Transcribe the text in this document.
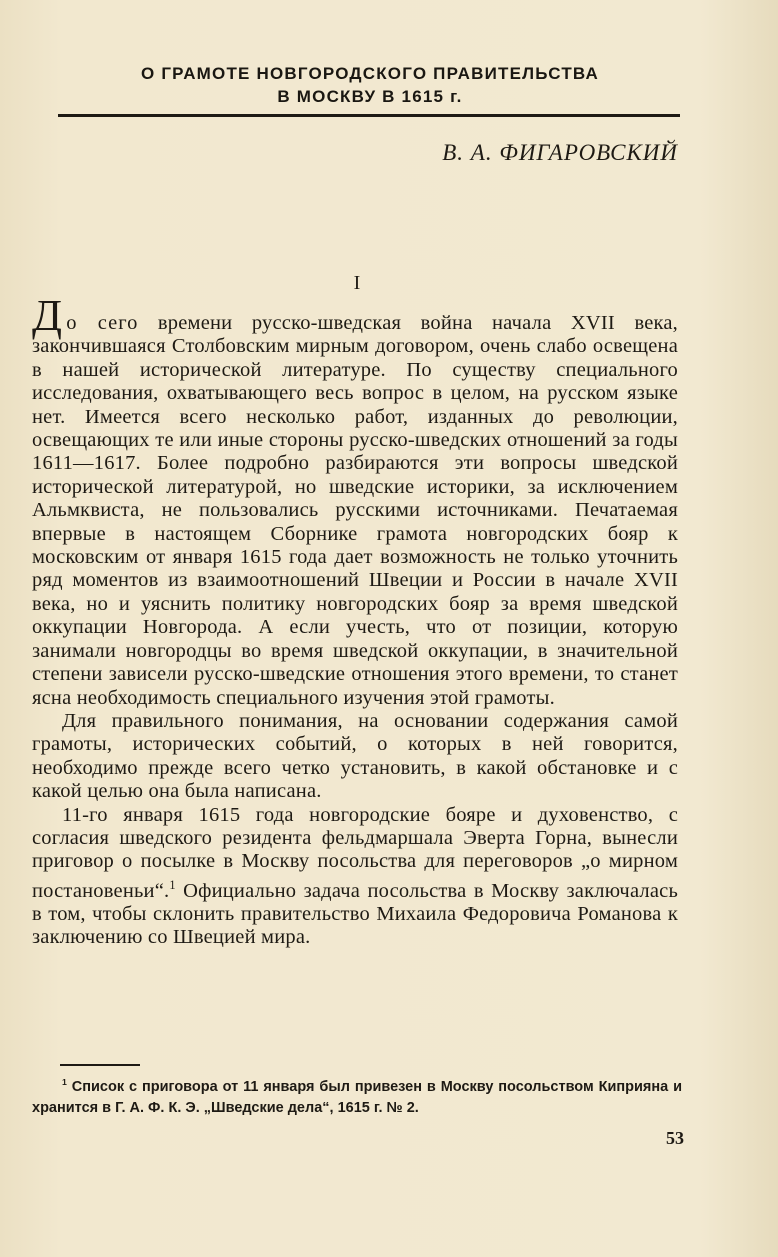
О ГРАМОТЕ НОВГОРОДСКОГО ПРАВИТЕЛЬСТВА
В МОСКВУ В 1615 г.
В. А. ФИГАРОВСКИЙ
I

До сего времени русско-шведская война начала XVII века, закончившаяся Столбовским мирным договором, очень слабо освещена в нашей исторической литературе. По существу специального исследования, охватывающего весь вопрос в целом, на русском языке нет. Имеется всего несколько работ, изданных до революции, освещающих те или иные стороны русско-шведских отношений за годы 1611—1617. Более подробно разбираются эти вопросы шведской исторической литературой, но шведские историки, за исключением Альмквиста, не пользовались русскими источниками. Печатаемая впервые в настоящем Сборнике грамота новгородских бояр к московским от января 1615 года дает возможность не только уточнить ряд моментов из взаимоотношений Швеции и России в начале XVII века, но и уяснить политику новгородских бояр за время шведской оккупации Новгорода. А если учесть, что от позиции, которую занимали новгородцы во время шведской оккупации, в значительной степени зависели русско-шведские отношения этого времени, то станет ясна необходимость специального изучения этой грамоты.

Для правильного понимания, на основании содержания самой грамоты, исторических событий, о которых в ней говорится, необходимо прежде всего четко установить, в какой обстановке и с какой целью она была написана.

11-го января 1615 года новгородские бояре и духовенство, с согласия шведского резидента фельдмаршала Эверта Горна, вынесли приговор о посылке в Москву посольства для переговоров „о мирном постановеньи“.$^1$ Официально задача посольства в Москву заключалась в том, чтобы склонить правительство Михаила Федоровича Романова к заключению со Швецией мира.

$^1$ Список с приговора от 11 января был привезен в Москву посольством Киприяна и хранится в Г. А. Ф. К. Э. „Шведские дела“, 1615 г. № 2.
53
